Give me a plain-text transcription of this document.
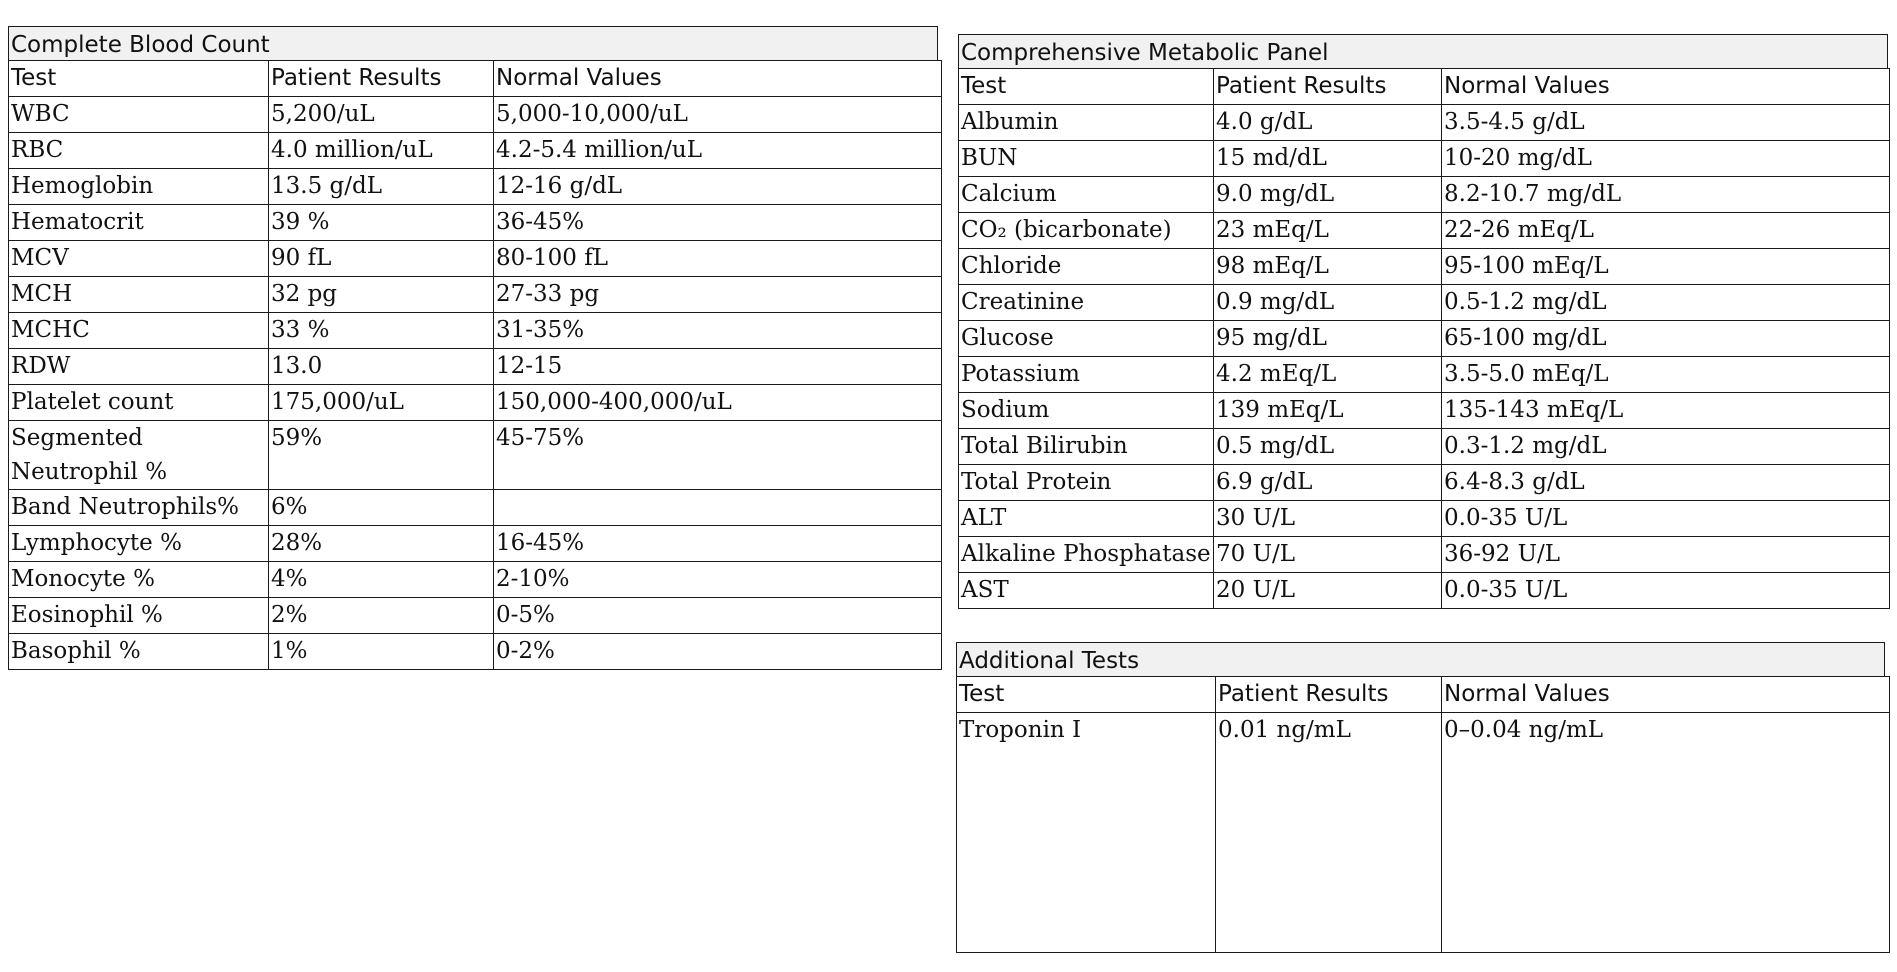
Complete Blood Count
Test	Patient Results	Normal Values
WBC	5,200/uL	5,000-10,000/uL
RBC	4.0 million/uL	4.2-5.4 million/uL
Hemoglobin	13.5 g/dL	12-16 g/dL
Hematocrit	39 %	36-45%
MCV	90 fL	80-100 fL
MCH	32 pg	27-33 pg
MCHC	33 %	31-35%
RDW	13.0	12-15
Platelet count	175,000/uL	150,000-400,000/uL
Segmented Neutrophil %	59%	45-75%
Band Neutrophils%	6%	
Lymphocyte %	28%	16-45%
Monocyte %	4%	2-10%
Eosinophil %	2%	0-5%
Basophil %	1%	0-2%
Comprehensive Metabolic Panel
Test	Patient Results	Normal Values
Albumin	4.0 g/dL	3.5-4.5 g/dL
BUN	15 md/dL	10-20 mg/dL
Calcium	9.0 mg/dL	8.2-10.7 mg/dL
CO₂ (bicarbonate)	23 mEq/L	22-26 mEq/L
Chloride	98 mEq/L	95-100 mEq/L
Creatinine	0.9 mg/dL	0.5-1.2 mg/dL
Glucose	95 mg/dL	65-100 mg/dL
Potassium	4.2 mEq/L	3.5-5.0 mEq/L
Sodium	139 mEq/L	135-143 mEq/L
Total Bilirubin	0.5 mg/dL	0.3-1.2 mg/dL
Total Protein	6.9 g/dL	6.4-8.3 g/dL
ALT	30 U/L	0.0-35 U/L
Alkaline Phosphatase	70 U/L	36-92 U/L
AST	20 U/L	0.0-35 U/L
Additional Tests
Test	Patient Results	Normal Values
Troponin I	0.01 ng/mL	0–0.04 ng/mL
